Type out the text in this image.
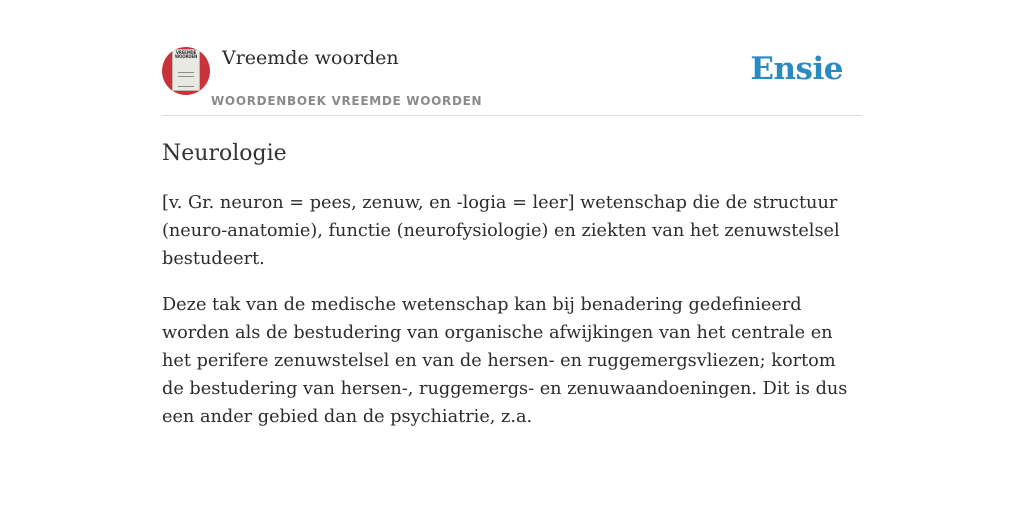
VREEMDE WOORDEN Vreemde woorden
WOORDENBOEK VREEMDE WOORDEN
Ensie
Neurologie

[v. Gr. neuron = pees, zenuw, en -logia = leer] wetenschap die de structuur (neuro-anatomie), functie (neurofysiologie) en ziekten van het zenuwstelsel bestudeert.

Deze tak van de medische wetenschap kan bij benadering gedefinieerd worden als de bestudering van organische afwijkingen van het centrale en het perifere zenuwstelsel en van de hersen- en ruggemergsvliezen; kortom de bestudering van hersen-, ruggemergs- en zenuwaandoeningen. Dit is dus een ander gebied dan de psychiatrie, z.a.
